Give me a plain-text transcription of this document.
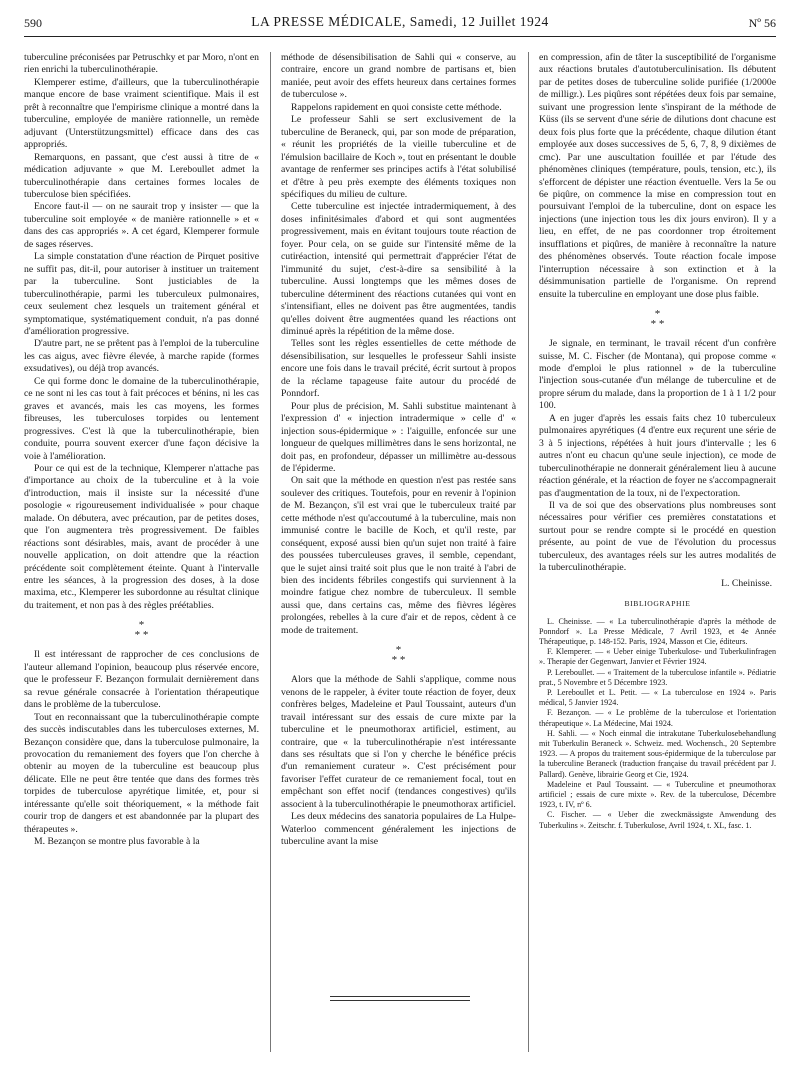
590	LA PRESSE MÉDICALE, Samedi, 12 Juillet 1924	Nº 56

tuberculine préconisées par Petruschky et par Moro, n'ont en rien enrichi la tuberculinothérapie.

Klemperer estime, d'ailleurs, que la tuberculinothérapie manque encore de base vraiment scientifique. Mais il est prêt à reconnaître que l'empirisme clinique a montré dans la tuberculine, employée de manière rationnelle, un remède adjuvant (Unterstützungsmittel) efficace dans des cas appropriés.

Remarquons, en passant, que c'est aussi à titre de « médication adjuvante » que M. Lereboullet admet la tuberculinothérapie dans certaines formes locales de tuberculose bien spécifiées.

Encore faut-il — on ne saurait trop y insister — que la tuberculine soit employée « de manière rationnelle » et « dans des cas appropriés ». A cet égard, Klemperer formule de sages réserves.

La simple constatation d'une réaction de Pirquet positive ne suffit pas, dit-il, pour autoriser à instituer un traitement par la tuberculine. Sont justiciables de la tuberculinothérapie, parmi les tuberculeux pulmonaires, ceux seulement chez lesquels un traitement général et symptomatique, systématiquement conduit, n'a pas donné d'amélioration progressive.

D'autre part, ne se prêtent pas à l'emploi de la tuberculine les cas aigus, avec fièvre élevée, à marche rapide (formes exsudatives), ou déjà trop avancés.

Ce qui forme donc le domaine de la tuberculinothérapie, ce ne sont ni les cas tout à fait précoces et bénins, ni les cas graves et avancés, mais les cas moyens, les formes fibreuses, les tuberculoses torpides ou lentement progressives. C'est là que la tuberculinothérapie, bien conduite, pourra souvent exercer d'une façon décisive la voie à l'amélioration.

Pour ce qui est de la technique, Klemperer n'attache pas d'importance au choix de la tuberculine et à la voie d'introduction, mais il insiste sur la nécessité d'une posologie « rigoureusement individualisée » pour chaque malade. On débutera, avec précaution, par de petites doses, que l'on augmentera très progressivement. De faibles réactions sont désirables, mais, avant de procéder à une nouvelle application, on doit attendre que la réaction précédente soit complètement éteinte. Quant à l'intervalle entre les séances, à la progression des doses, à la dose maxima, etc., Klemperer les subordonne au résultat clinique du traitement, et non pas à des règles préétablies.

*
* *

Il est intéressant de rapprocher de ces conclusions de l'auteur allemand l'opinion, beaucoup plus réservée encore, que le professeur F. Bezançon formulait dernièrement dans sa revue générale consacrée à l'orientation thérapeutique dans le problème de la tuberculose.

Tout en reconnaissant que la tuberculinothérapie compte des succès indiscutables dans les tuberculoses externes, M. Bezançon considère que, dans la tuberculose pulmonaire, la provocation du remaniement des foyers que l'on cherche à obtenir au moyen de la tuberculine est beaucoup plus délicate. Elle ne peut être tentée que dans des formes très torpides de tuberculose apyrétique limitée, et, pour si intéressante qu'elle soit théoriquement, « la méthode fait courir trop de dangers et est abandonnée par la plupart des thérapeutes ».

M. Bezançon se montre plus favorable à la

méthode de désensibilisation de Sahli qui « conserve, au contraire, encore un grand nombre de partisans et, bien maniée, peut avoir des effets heureux dans certaines formes de tuberculose ».

Rappelons rapidement en quoi consiste cette méthode.

Le professeur Sahli se sert exclusivement de la tuberculine de Beraneck, qui, par son mode de préparation, « réunit les propriétés de la vieille tuberculine et de l'émulsion bacillaire de Koch », tout en présentant le double avantage de renfermer ses principes actifs à l'état solubilisé et d'être à peu près exempte des éléments toxiques non spécifiques du milieu de culture.

Cette tuberculine est injectée intradermiquement, à des doses infinitésimales d'abord et qui sont augmentées progressivement, mais en évitant toujours toute réaction de foyer. Pour cela, on se guide sur l'intensité même de la cutiréaction, intensité qui permettrait d'apprécier l'état de l'immunité du sujet, c'est-à-dire sa sensibilité à la tuberculine. Aussi longtemps que les mêmes doses de tuberculine déterminent des réactions cutanées qui vont en s'intensifiant, elles ne doivent pas être augmentées, tandis qu'elles doivent être augmentées quand les réactions ont diminué après la répétition de la même dose.

Telles sont les règles essentielles de cette méthode de désensibilisation, sur lesquelles le professeur Sahli insiste encore une fois dans le travail précité, écrit surtout à propos de la réclame tapageuse faite autour du procédé de Ponndorf.

Pour plus de précision, M. Sahli substitue maintenant à l'expression d' « injection intradermique » celle d' « injection sous-épidermique » : l'aiguille, enfoncée sur une longueur de quelques millimètres dans le sens horizontal, ne doit pas, en profondeur, dépasser un millimètre au-dessous de l'épiderme.

On sait que la méthode en question n'est pas restée sans soulever des critiques. Toutefois, pour en revenir à l'opinion de M. Bezançon, s'il est vrai que le tuberculeux traité par cette méthode n'est qu'accoutumé à la tuberculine, mais non immunisé contre le bacille de Koch, et qu'il reste, par conséquent, exposé aussi bien qu'un sujet non traité à faire des poussées tuberculeuses graves, il semble, cependant, que le sujet ainsi traité soit plus que le non traité à l'abri de bien des incidents fébriles congestifs qui surviennent à la moindre fatigue chez nombre de tuberculeux. Il semble aussi que, dans certains cas, même des fièvres légères prolongées, rebelles à la cure d'air et de repos, cèdent à ce mode de traitement.

*
* *

Alors que la méthode de Sahli s'applique, comme nous venons de le rappeler, à éviter toute réaction de foyer, deux confrères belges, Madeleine et Paul Toussaint, auteurs d'un travail intéressant sur des essais de cure mixte par la tuberculine et le pneumothorax artificiel, estiment, au contraire, que « la tuberculinothérapie n'est intéressante dans ses résultats que si l'on y cherche le bénéfice précis d'un remaniement curateur ». C'est précisément pour favoriser l'effet curateur de ce remaniement focal, tout en empêchant son effet nocif (tendances congestives) qu'ils associent à la tuberculinothérapie le pneumothorax artificiel.

Les deux médecins des sanatoria populaires de La Hulpe-Waterloo commencent généralement les injections de tuberculine avant la mise

en compression, afin de tâter la susceptibilité de l'organisme aux réactions brutales d'autotuberculinisation. Ils débutent par de petites doses de tuberculine solide purifiée (1/2000e de milligr.). Les piqûres sont répétées deux fois par semaine, suivant une progression lente s'inspirant de la méthode de Küss (ils se servent d'une série de dilutions dont chacune est deux fois plus forte que la précédente, chaque dilution étant employée aux doses successives de 5, 6, 7, 8, 9 dixièmes de cmc). Par une auscultation fouillée et par l'étude des phénomènes cliniques (température, pouls, tension, etc.), ils s'efforcent de dépister une réaction éventuelle. Vers la 5e ou 6e piqûre, on commence la mise en compression tout en poursuivant l'emploi de la tuberculine, dont on espace les injections (une injection tous les dix jours environ). Il y a lieu, en effet, de ne pas coordonner trop étroitement insufflations et piqûres, de manière à reconnaître la nature des phénomènes observés. Toute réaction focale impose l'interruption nécessaire à son extinction et à la désimmunisation partielle de l'organisme. On reprend ensuite la tuberculine en employant une dose plus faible.

*
* *

Je signale, en terminant, le travail récent d'un confrère suisse, M. C. Fischer (de Montana), qui propose comme « mode d'emploi le plus rationnel » de la tuberculine l'injection sous-cutanée d'un mélange de tuberculine et de propre sérum du malade, dans la proportion de 1 à 1 1/2 pour 100.

A en juger d'après les essais faits chez 10 tuberculeux pulmonaires apyrétiques (4 d'entre eux reçurent une série de 3 à 5 injections, répétées à huit jours d'intervalle ; les 6 autres n'ont eu chacun qu'une seule injection), ce mode de tuberculinothérapie ne donnerait généralement lieu à aucune réaction générale, et la réaction de foyer ne s'accompagnerait pas d'augmentation de la toux, ni de l'expectoration.

Il va de soi que des observations plus nombreuses sont nécessaires pour vérifier ces premières constatations et surtout pour se rendre compte si le procédé en question présente, au point de vue de l'évolution du processus tuberculeux, des avantages réels sur les autres modalités de la tuberculinothérapie.

L. Cheinisse.
BIBLIOGRAPHIE

L. Cheinisse. — « La tuberculinothérapie d'après la méthode de Ponndorf ». La Presse Médicale, 7 Avril 1923, et 4e Année Thérapeutique, p. 148-152. Paris, 1924, Masson et Cie, éditeurs.

F. Klemperer. — « Ueber einige Tuberkulose- und Tuberkulinfragen ». Therapie der Gegenwart, Janvier et Février 1924.

P. Lereboullet. — « Traitement de la tuberculose infantile ». Pédiatrie prat., 5 Novembre et 5 Décembre 1923.

P. Lereboullet et L. Petit. — « La tuberculose en 1924 ». Paris médical, 5 Janvier 1924.

F. Bezançon. — « Le problème de la tuberculose et l'orientation thérapeutique ». La Médecine, Mai 1924.

H. Sahli. — « Noch einmal die intrakutane Tuberkulosebehandlung mit Tuberkulin Beraneck ». Schweiz. med. Wochensch., 20 Septembre 1923. — A propos du traitement sous-épidermique de la tuberculose par la tuberculine Beraneck (traduction française du travail précédent par J. Pallard). Genève, librairie Georg et Cie, 1924.

Madeleine et Paul Toussaint. — « Tuberculine et pneumothorax artificiel ; essais de cure mixte ». Rev. de la tuberculose, Décembre 1923, t. IV, nº 6.

C. Fischer. — « Ueber die zweckmässigste Anwendung des Tuberkulins ». Zeitschr. f. Tuberkulose, Avril 1924, t. XL, fasc. 1.
